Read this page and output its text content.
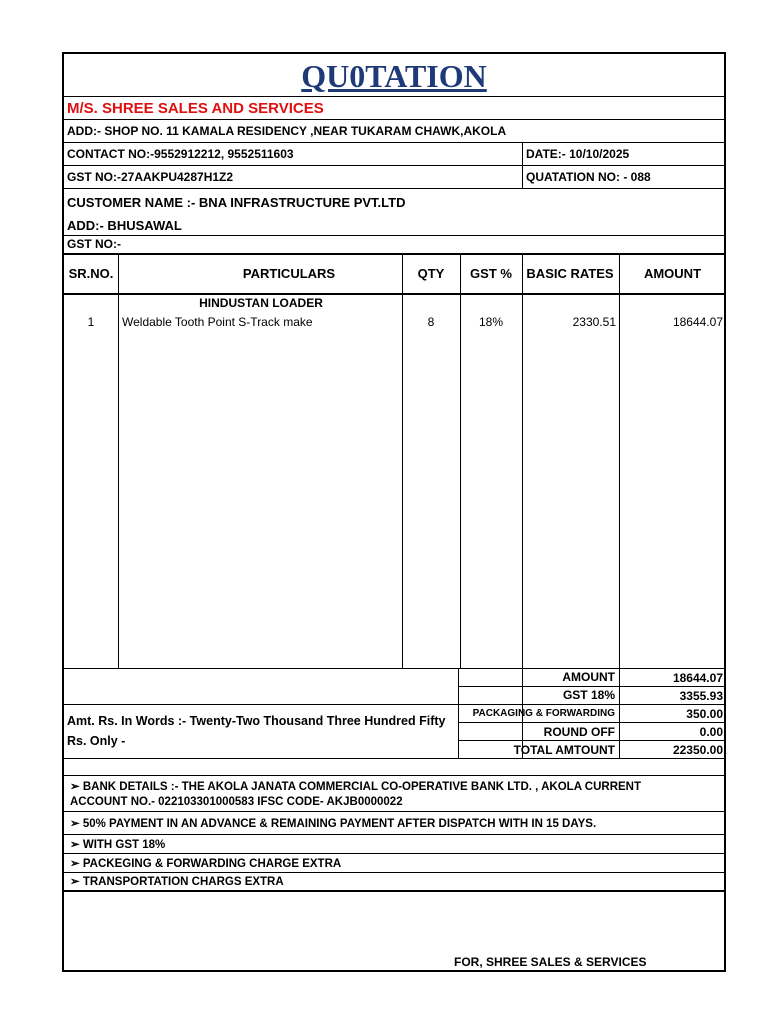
QU0TATION
M/S. SHREE SALES AND SERVICES
ADD:- SHOP NO. 11 KAMALA RESIDENCY ,NEAR TUKARAM CHAWK,AKOLA
CONTACT NO:-9552912212, 9552511603	DATE:- 10/10/2025
GST NO:-27AAKPU4287H1Z2	QUATATION NO: - 088
CUSTOMER NAME :- BNA INFRASTRUCTURE PVT.LTD
ADD:- BHUSAWAL
GST NO:-
SR.NO.	PARTICULARS	QTY	GST %	BASIC RATES	AMOUNT
HINDUSTAN LOADER
1	Weldable Tooth Point S-Track make	8	18%	2330.51	18644.07
AMOUNT	18644.07
GST 18%	3355.93
PACKAGING & FORWARDING	350.00
ROUND OFF	0.00
TOTAL AMTOUNT	22350.00
Amt. Rs. In Words :- Twenty-Two Thousand Three Hundred Fifty
Rs. Only -
➢ BANK DETAILS :- THE AKOLA JANATA COMMERCIAL CO-OPERATIVE BANK LTD. , AKOLA CURRENT
ACCOUNT NO.- 022103301000583 IFSC CODE- AKJB0000022
➢ 50% PAYMENT IN AN ADVANCE & REMAINING PAYMENT AFTER DISPATCH WITH IN 15 DAYS.
➢ WITH GST 18%
➢ PACKEGING & FORWARDING CHARGE EXTRA
➢ TRANSPORTATION CHARGS EXTRA
FOR, SHREE SALES & SERVICES
